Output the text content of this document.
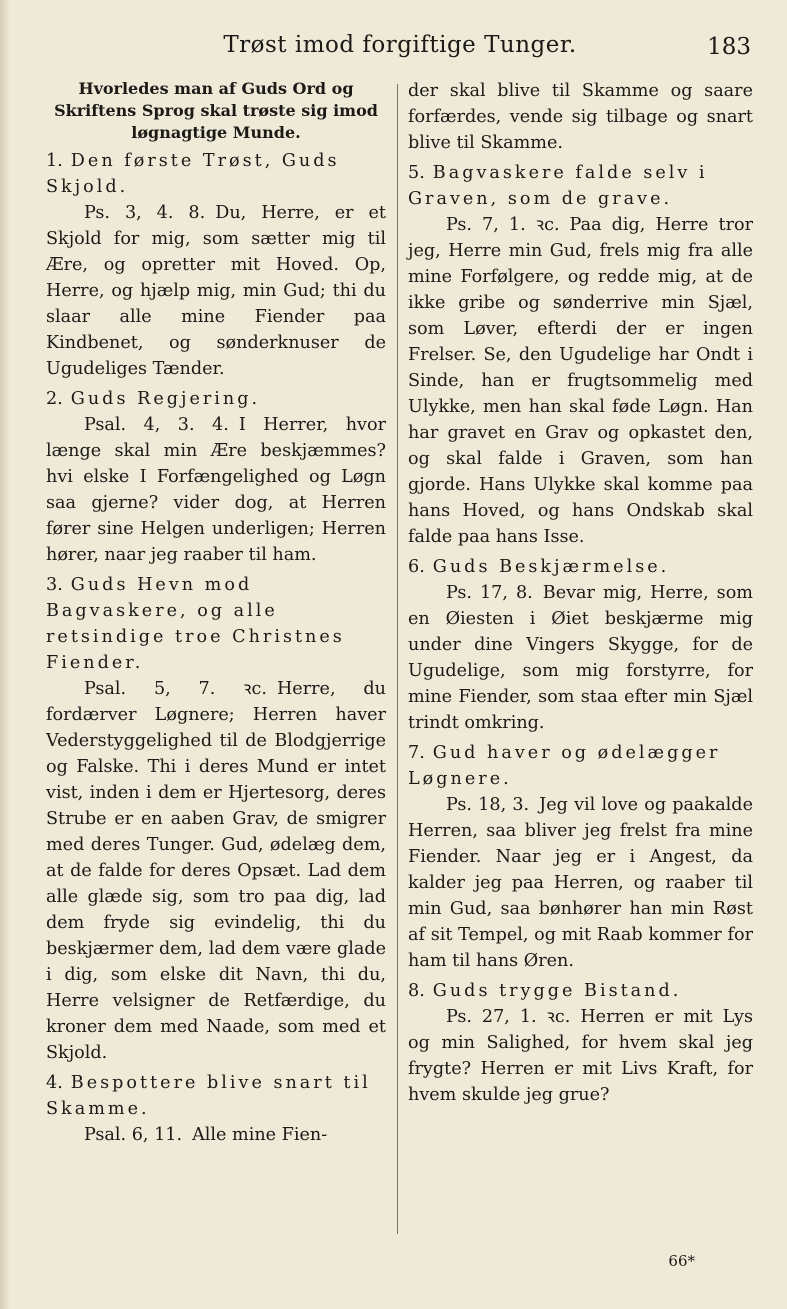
Trøst imod forgiftige Tunger.	183
Hvorledes man af Guds Ord og Skriftens Sprog skal trøste sig imod løgnagtige Munde.
1. Den første Trøst, Guds Skjold.

Ps. 3, 4. 8. Du, Herre, er et Skjold for mig, som sætter mig til Ære, og opretter mit Hoved. Op, Herre, og hjælp mig, min Gud; thi du slaar alle mine Fiender paa Kindbenet, og sønderknuser de Ugudeliges Tænder.

2. Guds Regjering.

Psal. 4, 3. 4. I Herrer, hvor længe skal min Ære beskjæmmes? hvi elske I Forfængelighed og Løgn saa gjerne? vider dog, at Herren fører sine Helgen underligen; Herren hører, naar jeg raaber til ham.

3. Guds Hevn mod Bagvaskere, og alle retsindige troe Christnes Fiender.

Psal. 5, 7. ꝛc. Herre, du fordærver Løgnere; Herren haver Vederstyggelighed til de Blodgjerrige og Falske. Thi i deres Mund er intet vist, inden i dem er Hjertesorg, deres Strube er en aaben Grav, de smigrer med deres Tunger. Gud, ødelæg dem, at de falde for deres Opsæt. Lad dem alle glæde sig, som tro paa dig, lad dem fryde sig evindelig, thi du beskjærmer dem, lad dem være glade i dig, som elske dit Navn, thi du, Herre velsigner de Retfærdige, du kroner dem med Naade, som med et Skjold.

4. Bespottere blive snart til Skamme.

Psal. 6, 11. Alle mine Fien-

der skal blive til Skamme og saare forfærdes, vende sig tilbage og snart blive til Skamme.

5. Bagvaskere falde selv i Graven, som de grave.

Ps. 7, 1. ꝛc. Paa dig, Herre tror jeg, Herre min Gud, frels mig fra alle mine Forfølgere, og redde mig, at de ikke gribe og sønderrive min Sjæl, som Løver, efterdi der er ingen Frelser. Se, den Ugudelige har Ondt i Sinde, han er frugtsommelig med Ulykke, men han skal føde Løgn. Han har gravet en Grav og opkastet den, og skal falde i Graven, som han gjorde. Hans Ulykke skal komme paa hans Hoved, og hans Ondskab skal falde paa hans Isse.

6. Guds Beskjærmelse.

Ps. 17, 8. Bevar mig, Herre, som en Øiesten i Øiet beskjærme mig under dine Vingers Skygge, for de Ugudelige, som mig forstyrre, for mine Fiender, som staa efter min Sjæl trindt omkring.

7. Gud haver og ødelægger Løgnere.

Ps. 18, 3. Jeg vil love og paakalde Herren, saa bliver jeg frelst fra mine Fiender. Naar jeg er i Angest, da kalder jeg paa Herren, og raaber til min Gud, saa bønhører han min Røst af sit Tempel, og mit Raab kommer for ham til hans Øren.

8. Guds trygge Bistand.

Ps. 27, 1. ꝛc. Herren er mit Lys og min Salighed, for hvem skal jeg frygte? Herren er mit Livs Kraft, for hvem skulde jeg grue?

66*
